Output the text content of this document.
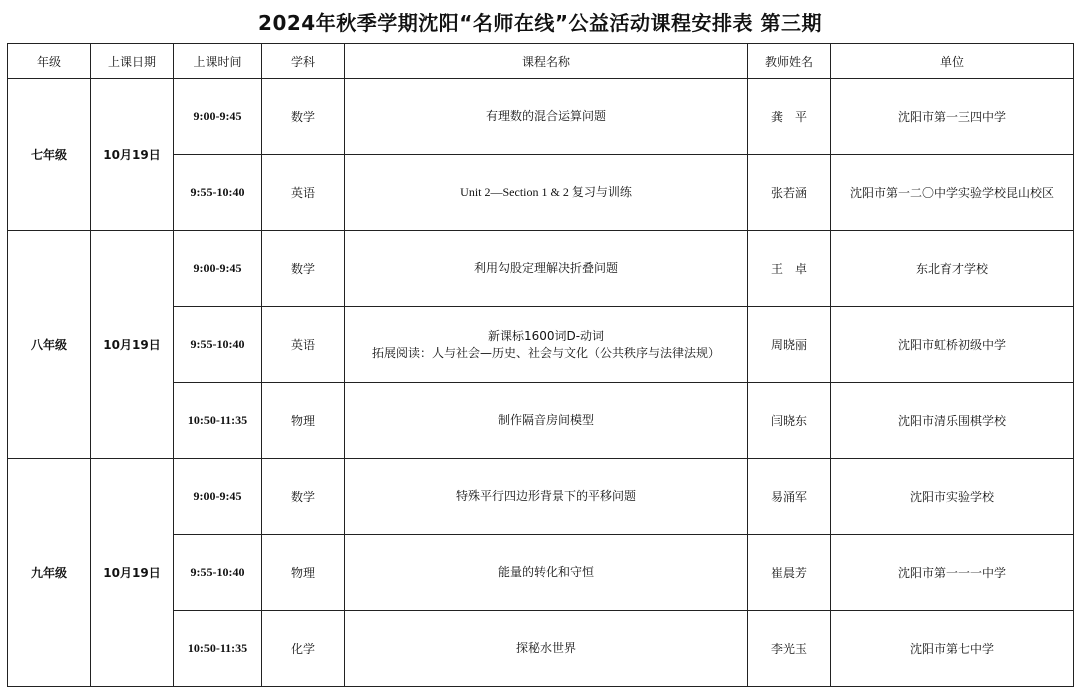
2024年秋季学期沈阳“名师在线”公益活动课程安排表 第三期
年级	上课日期	上课时间	学科	课程名称	教师姓名	单位
七年级	10月19日	9:00-9:45	数学	有理数的混合运算问题	龚　平	沈阳市第一三四中学
		9:55-10:40	英语	Unit 2—Section 1 & 2 复习与训练	张若涵	沈阳市第一二〇中学实验学校昆山校区
八年级	10月19日	9:00-9:45	数学	利用勾股定理解决折叠问题	王　卓	东北育才学校
		9:55-10:40	英语	新课标1600词D-动词
拓展阅读：人与社会—历史、社会与文化（公共秩序与法律法规）	周晓丽	沈阳市虹桥初级中学
		10:50-11:35	物理	制作隔音房间模型	闫晓东	沈阳市清乐围棋学校
九年级	10月19日	9:00-9:45	数学	特殊平行四边形背景下的平移问题	易涌军	沈阳市实验学校
		9:55-10:40	物理	能量的转化和守恒	崔晨芳	沈阳市第一一一中学
		10:50-11:35	化学	探秘水世界	李光玉	沈阳市第七中学
